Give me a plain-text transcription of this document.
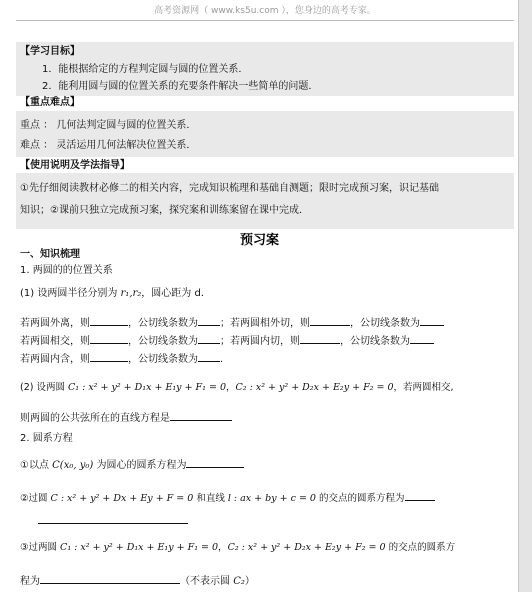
高考资源网（ www.ks5u.com ），您身边的高考专家。
【学习目标】
1．能根据给定的方程判定圆与圆的位置关系．
2．能利用圆与圆的位置关系的充要条件解决一些简单的问题．
【重点难点】
重点 ： 几何法判定圆与圆的位置关系．
难点 ： 灵活运用几何法解决位置关系．
【使用说明及学法指导】
①先仔细阅读教材必修二的相关内容，完成知识梳理和基础自测题；限时完成预习案，识记基础
知识；②课前只独立完成预习案，探究案和训练案留在课中完成．
预习案
一、知识梳理
1. 两圆的的位置关系
(1) 设两圆半径分别为 r₁,r₂，圆心距为 d．
若两圆外离，则	，公切线条数为 ；若两圆相外切，则	，公切线条数为
若两圆相交，则	，公切线条数为 ；若两圆内切，则	，公切线条数为
若两圆内含，则	，公切线条数为 ．
(2) 设两圆 C₁ : x² + y² + D₁x + E₁y + F₁ = 0，C₂ : x² + y² + D₂x + E₂y + F₂ = 0，若两圆相交,
则两圆的公共弦所在的直线方程是
2. 圆系方程
①以点 C(x₀, y₀) 为圆心的圆系方程为
②过圆 C : x² + y² + Dx + Ey + F = 0 和直线 l : ax + by + c = 0 的交点的圆系方程为
③过两圆 C₁ : x² + y² + D₁x + E₁y + F₁ = 0，C₂ : x² + y² + D₂x + E₂y + F₂ = 0 的交点的圆系方
程为	（不表示圆 C₂）
